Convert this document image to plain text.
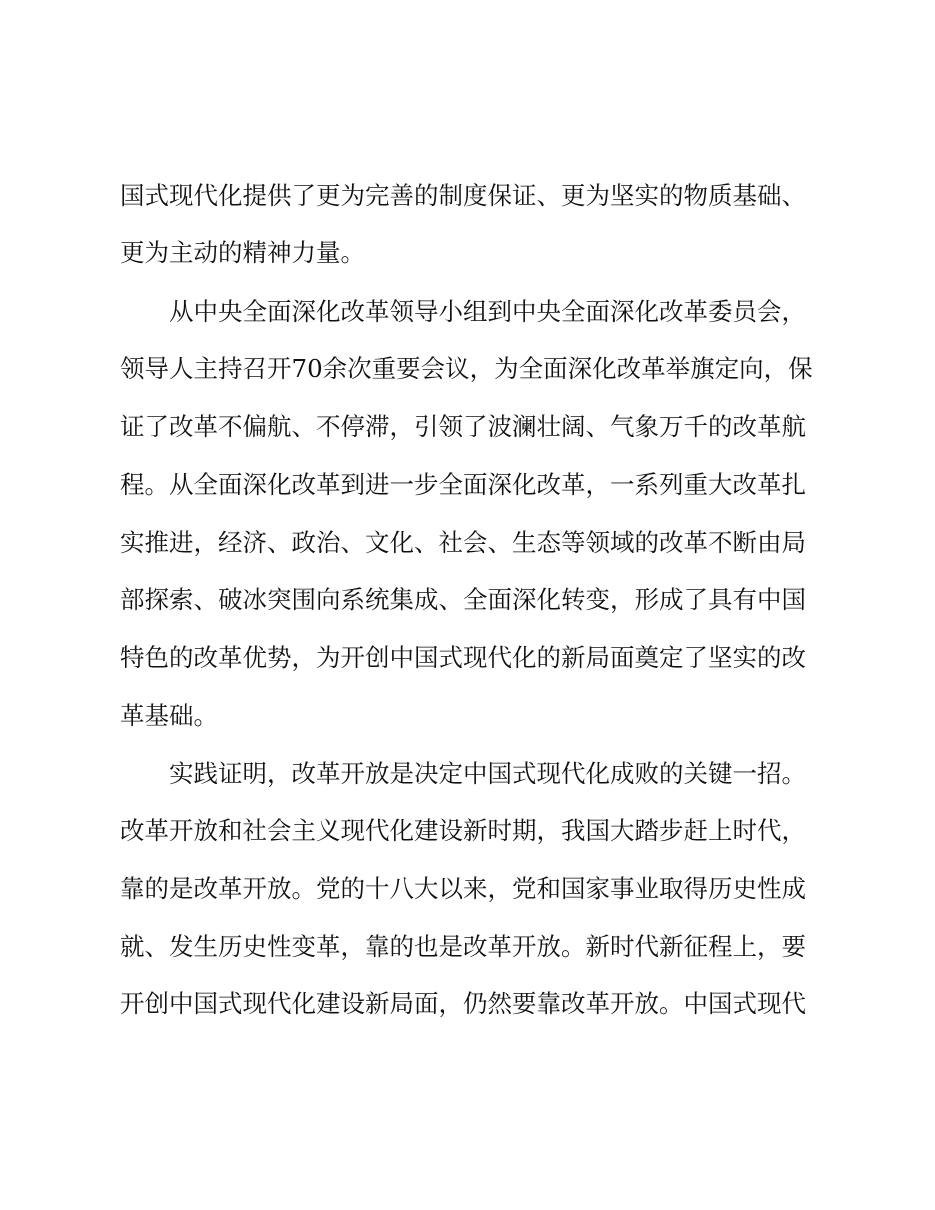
国式现代化提供了更为完善的制度保证、更为坚实的物质基础、
更为主动的精神力量。
从中央全面深化改革领导小组到中央全面深化改革委员会，
领导人主持召开70余次重要会议，为全面深化改革举旗定向，保
证了改革不偏航、不停滞，引领了波澜壮阔、气象万千的改革航
程。从全面深化改革到进一步全面深化改革，一系列重大改革扎
实推进，经济、政治、文化、社会、生态等领域的改革不断由局
部探索、破冰突围向系统集成、全面深化转变，形成了具有中国
特色的改革优势，为开创中国式现代化的新局面奠定了坚实的改
革基础。
实践证明，改革开放是决定中国式现代化成败的关键一招。
改革开放和社会主义现代化建设新时期，我国大踏步赶上时代，
靠的是改革开放。党的十八大以来，党和国家事业取得历史性成
就、发生历史性变革，靠的也是改革开放。新时代新征程上，要
开创中国式现代化建设新局面，仍然要靠改革开放。中国式现代
